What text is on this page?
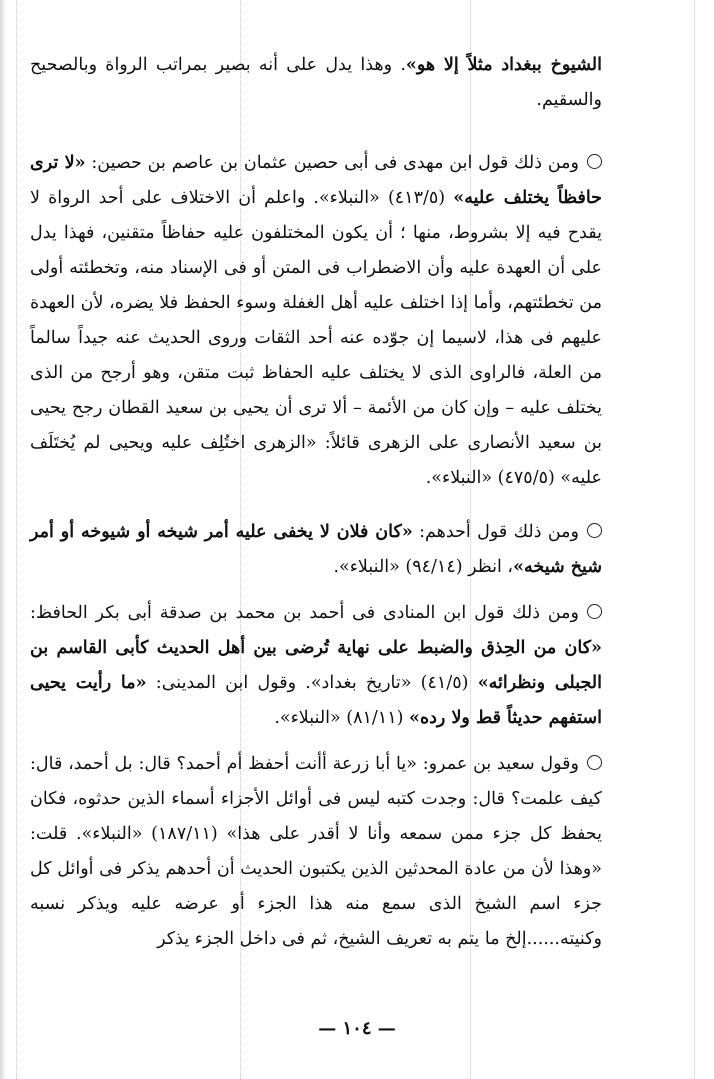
الشيوخ ببغداد مثلاً إلا هو». وهذا يدل على أنه بصير بمراتب الرواة وبالصحيح والسقيم.

ومن ذلك قول ابن مهدى فى أبى حصين عثمان بن عاصم بن حصين: «لا ترى حافظاً يختلف عليه» (٤١٣/٥) «النبلاء». واعلم أن الاختلاف على أحد الرواة لا يقدح فيه إلا بشروط، منها ؛ أن يكون المختلفون عليه حفاظاً متقنين، فهذا يدل على أن العهدة عليه وأن الاضطراب فى المتن أو فى الإسناد منه، وتخطئته أولى من تخطئتهم، وأما إذا اختلف عليه أهل الغفلة وسوء الحفظ فلا يضره، لأن العهدة عليهم فى هذا، لاسيما إن جوّده عنه أحد الثقات وروى الحديث عنه جيداً سالماً من العلة، فالراوى الذى لا يختلف عليه الحفاظ ثبت متقن، وهو أرجح من الذى يختلف عليه – وإن كان من الأئمة – ألا ترى أن يحيى بن سعيد القطان رجح يحيى بن سعيد الأنصارى على الزهرى قائلاً: «الزهرى اختُلِف عليه ويحيى لم يُختَلَف عليه» (٤٧٥/٥) «النبلاء».

ومن ذلك قول أحدهم: «كان فلان لا يخفى عليه أمر شيخه أو شيوخه أو أمر شيخ شيخه»، انظر (٩٤/١٤) «النبلاء».

ومن ذلك قول ابن المنادى فى أحمد بن محمد بن صدقة أبى بكر الحافظ: «كان من الحِذق والضبط على نهاية تُرضى بين أهل الحديث كأبى القاسم بن الجبلى ونظرائه» (٤١/٥) «تاريخ بغداد». وقول ابن المدينى: «ما رأيت يحيى استفهم حديثاً قط ولا رده» (٨١/١١) «النبلاء».

وقول سعيد بن عمرو: «يا أبا زرعة أأنت أحفظ أم أحمد؟ قال: بل أحمد، قال: كيف علمت؟ قال: وجدت كتبه ليس فى أوائل الأجزاء أسماء الذين حدثوه، فكان يحفظ كل جزء ممن سمعه وأنا لا أقدر على هذا» (١٨٧/١١) «النبلاء». قلت: «وهذا لأن من عادة المحدثين الذين يكتبون الحديث أن أحدهم يذكر فى أوائل كل جزء اسم الشيخ الذى سمع منه هذا الجزء أو عرضه عليه ويذكر نسبه وكنيته......إلخ ما يتم به تعريف الشيخ، ثم فى داخل الجزء يذكر

— ١٠٤ —
